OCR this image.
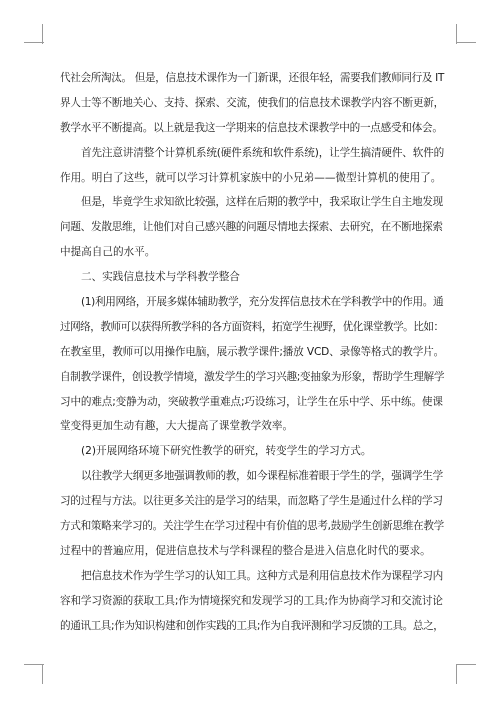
代社会所淘汰。 但是，信息技术课作为一门新课，还很年轻，需要我们教师同行及 IT
界人士等不断地关心、支持、探索、交流，使我们的信息技术课教学内容不断更新，
教学水平不断提高。以上就是我这一学期来的信息技术课教学中的一点感受和体会。
首先注意讲清整个计算机系统(硬件系统和软件系统)，让学生搞清硬件、软件的
作用。明白了这些，就可以学习计算机家族中的小兄弟——微型计算机的使用了。
但是，毕竟学生求知欲比较强，这样在后期的教学中，我采取让学生自主地发现
问题、发散思维，让他们对自己感兴趣的问题尽情地去探索、去研究，在不断地探索
中提高自己的水平。
二、实践信息技术与学科教学整合
(1)利用网络，开展多媒体辅助教学，充分发挥信息技术在学科教学中的作用。通
过网络，教师可以获得所教学科的各方面资料，拓宽学生视野，优化课堂教学。比如：
在教室里，教师可以用操作电脑，展示教学课件;播放 VCD、录像等格式的教学片。
自制教学课件，创设教学情境，激发学生的学习兴趣;变抽象为形象，帮助学生理解学
习中的难点;变静为动，突破教学重难点;巧设练习，让学生在乐中学、乐中练。使课
堂变得更加生动有趣，大大提高了课堂教学效率。
(2)开展网络环境下研究性教学的研究，转变学生的学习方式。
以往教学大纲更多地强调教师的教，如今课程标准着眼于学生的学，强调学生学
习的过程与方法。以往更多关注的是学习的结果，而忽略了学生是通过什么样的学习
方式和策略来学习的。关注学生在学习过程中有价值的思考,鼓励学生创新思维在教学
过程中的普遍应用，促进信息技术与学科课程的整合是进入信息化时代的要求。
把信息技术作为学生学习的认知工具。这种方式是利用信息技术作为课程学习内
容和学习资源的获取工具;作为情境探究和发现学习的工具;作为协商学习和交流讨论
的通讯工具;作为知识构建和创作实践的工具;作为自我评测和学习反馈的工具。总之，
